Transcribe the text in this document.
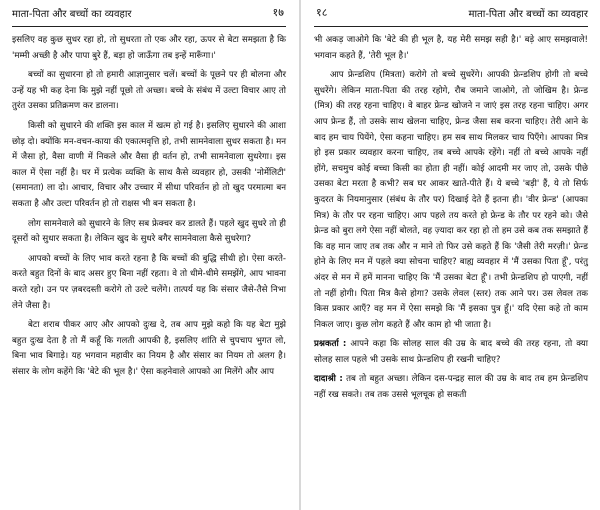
माता-पिता और बच्चों का व्यवहार	१७

इसलिए वह कुछ सुधर रहा हो, तो सुधरता तो एक और रहा, ऊपर से बेटा समझता है कि 'मम्मी अच्छी है और पापा बुरे हैं, बड़ा हो जाऊँगा तब इन्हें मारूँगा।'

बच्चों का सुधारना हो तो हमारी आज्ञानुसार चलें। बच्चों के पूछने पर ही बोलना और उन्हें यह भी कह देना कि मुझे नहीं पूछो तो अच्छा। बच्चे के संबंध में उल्टा विचार आए तो तुरंत उसका प्रतिक्रमण कर डालना।

किसी को सुधारने की शक्ति इस काल में खत्म हो गई है। इसलिए सुधारने की आशा छोड़ दो। क्योंकि मन-वचन-काया की एकात्मवृत्ति हो, तभी सामनेवाला सुधर सकता है। मन में जैसा हो, वैसा वाणी में निकले और वैसा ही वर्तन हो, तभी सामनेवाला सुधरेगा। इस काल में ऐसा नहीं है। घर में प्रत्येक व्यक्ति के साथ कैसे व्यवहार हो, उसकी 'नोर्मेलिटी' (समानता) ला दो। आचार, विचार और उच्चार में सीधा परिवर्तन हो तो खुद परमात्मा बन सकता है और उल्टा परिवर्तन हो तो राक्षस भी बन सकता है।

लोग सामनेवाले को सुधारने के लिए सब फ्रेक्चर कर डालते हैं। पहले खुद सुधरे तो ही दूसरों को सुधार सकता है। लेकिन खुद के सुधरे बगैर सामनेवाला कैसे सुधरेगा?

आपको बच्चों के लिए भाव करते रहना है कि बच्चों की बुद्धि सीधी हो। ऐसा करते-करते बहुत दिनों के बाद असर हुए बिना नहीं रहता। वे तो धीमे-धीमे समझेंगे, आप भावना करते रहो। उन पर ज़बरदस्ती करोगे तो उल्टे चलेंगे। तात्पर्य यह कि संसार जैसे-तैसे निभा लेने जैसा है।

बेटा शराब पीकर आए और आपको दुःख दे, तब आप मुझे कहो कि यह बेटा मुझे बहुत दुःख देता है तो मैं कहूँ कि गलती आपकी है, इसलिए शांति से चुपचाप भुगत लो, बिना भाव बिगाड़े। यह भगवान महावीर का नियम है और संसार का नियम तो अलग है। संसार के लोग कहेंगे कि 'बेटे की भूल है।' ऐसा कहनेवाले आपको आ मिलेंगे और आप

१८	माता-पिता और बच्चों का व्यवहार

भी अकड़ जाओगे कि 'बेटे की ही भूल है, यह मेरी समझ सही है।' बड़े आए समझवाले! भगवान कहते हैं, 'तेरी भूल है।'

आप फ्रेन्डशिप (मित्रता) करोगे तो बच्चे सुधरेंगे। आपकी फ्रेन्डशिप होगी तो बच्चे सुधरेंगे। लेकिन माता-पिता की तरह रहोगे, रौब जमाने जाओगे, तो जोखिम है। फ्रेन्ड (मित्र) की तरह रहना चाहिए। वे बाहर फ्रेन्ड खोजने न जाएं इस तरह रहना चाहिए। अगर आप फ्रेन्ड हैं, तो उसके साथ खेलना चाहिए, फ्रेन्ड जैसा सब करना चाहिए। तेरी आने के बाद हम चाय पियेंगे, ऐसा कहना चाहिए। हम सब साथ मिलकर चाय पिएँगे। आपका मित्र हो इस प्रकार व्यवहार करना चाहिए, तब बच्चे आपके रहेंगे। नहीं तो बच्चे आपके नहीं होंगे, सचमुच कोई बच्चा किसी का होता ही नहीं। कोई आदमी मर जाए तो, उसके पीछे उसका बेटा मरता है कभी? सब घर आकर खाते-पीते हैं। ये बच्चे 'बड़ी' हैं, ये तो सिर्फ कुदरत के नियमानुसार (संबंध के तौर पर) दिखाई देते हैं इतना ही। 'वीर फ्रेन्ड' (आपका मित्र) के तौर पर रहना चाहिए। आप पहले तय करते हो फ्रेन्ड के तौर पर रहने को। जैसे फ्रेन्ड को बुरा लगे ऐसा नहीं बोलते, वह ज़्यादा कर रहा हो तो हम उसे कब तक समझाते हैं कि वह मान जाए तब तक और न माने तो फिर उसे कहते हैं कि 'जैसी तेरी मरज़ी।' फ्रेन्ड होने के लिए मन में पहले क्या सोचना चाहिए? बाह्य व्यवहार में 'मैं उसका पिता हूँ', परंतु अंदर से मन में हमें मानना चाहिए कि 'मैं उसका बेटा हूँ'। तभी फ्रेन्डशिप हो पाएगी, नहीं तो नहीं होगी। पिता मित्र कैसे होगा? उसके लेवल (स्तर) तक आने पर। उस लेवल तक किस प्रकार आएँ? वह मन में ऐसा समझे कि 'मैं इसका पुत्र हूँ।' यदि ऐसा कहे तो काम निकल जाए। कुछ लोग कहते हैं और काम हो भी जाता है।

प्रश्नकर्ता : आपने कहा कि सोलह साल की उम्र के बाद बच्चे की तरह रहना, तो क्या सोलह साल पहले भी उसके साथ फ्रेन्डशिप ही रखनी चाहिए?

दादाश्री : तब तो बहुत अच्छा। लेकिन दस-पन्द्रह साल की उम्र के बाद तब हम फ्रेन्डशिप नहीं रख सकते। तब तक उससे भूलचूक हो सकती
